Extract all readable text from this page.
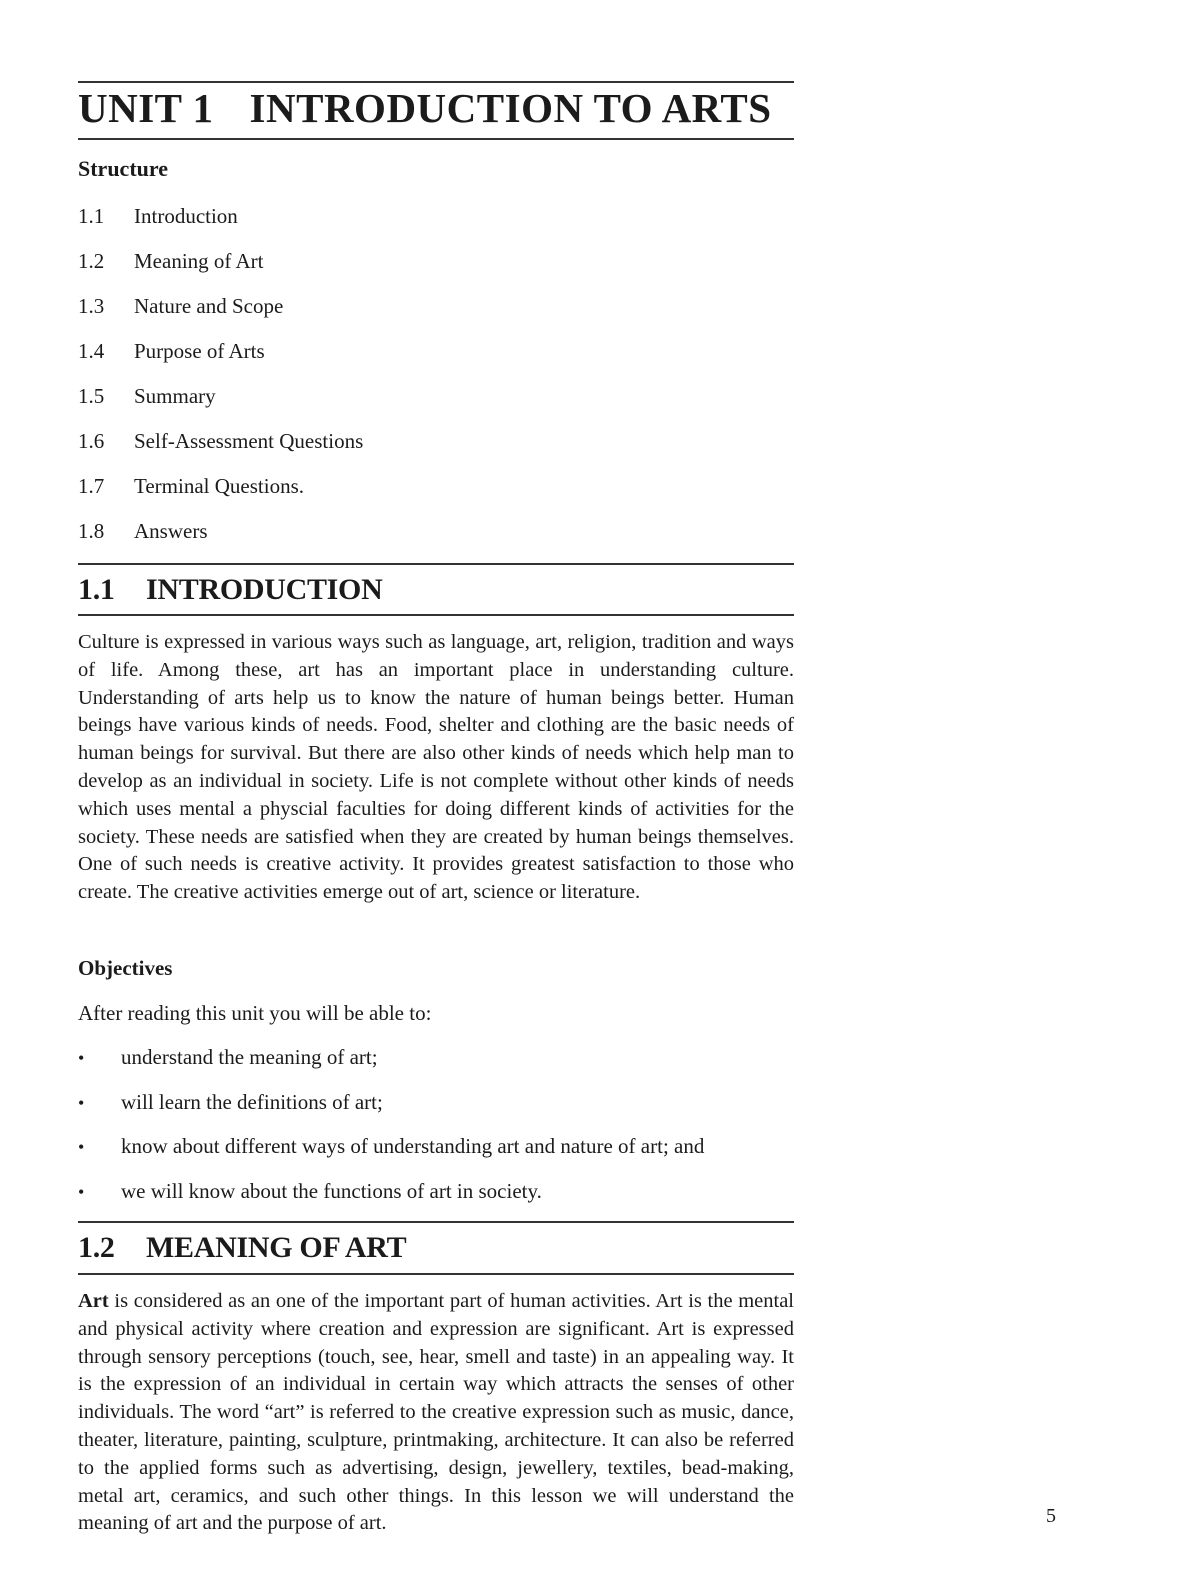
UNIT 1 INTRODUCTION TO ARTS
Structure
1.1 Introduction
1.2 Meaning of Art
1.3 Nature and Scope
1.4 Purpose of Arts
1.5 Summary
1.6 Self-Assessment Questions
1.7 Terminal Questions.
1.8 Answers
1.1 INTRODUCTION

Culture is expressed in various ways such as language, art, religion, tradition and ways of life. Among these, art has an important place in understanding culture. Understanding of arts help us to know the nature of human beings better. Human beings have various kinds of needs. Food, shelter and clothing are the basic needs of human beings for survival. But there are also other kinds of needs which help man to develop as an individual in society. Life is not complete without other kinds of needs which uses mental a physcial faculties for doing different kinds of activities for the society. These needs are satisfied when they are created by human beings themselves. One of such needs is creative activity. It provides greatest satisfaction to those who create. The creative activities emerge out of art, science or literature.

Objectives

After reading this unit you will be able to:

• understand the meaning of art;
• will learn the definitions of art;
• know about different ways of understanding art and nature of art; and
• we will know about the functions of art in society.
1.2 MEANING OF ART

Art is considered as an one of the important part of human activities. Art is the mental and physical activity where creation and expression are significant. Art is expressed through sensory perceptions (touch, see, hear, smell and taste) in an appealing way. It is the expression of an individual in certain way which attracts the senses of other individuals. The word “art” is referred to the creative expression such as music, dance, theater, literature, painting, sculpture, printmaking, architecture. It can also be referred to the applied forms such as advertising, design, jewellery, textiles, bead-making, metal art, ceramics, and such other things. In this lesson we will understand the meaning of art and the purpose of art.	5
